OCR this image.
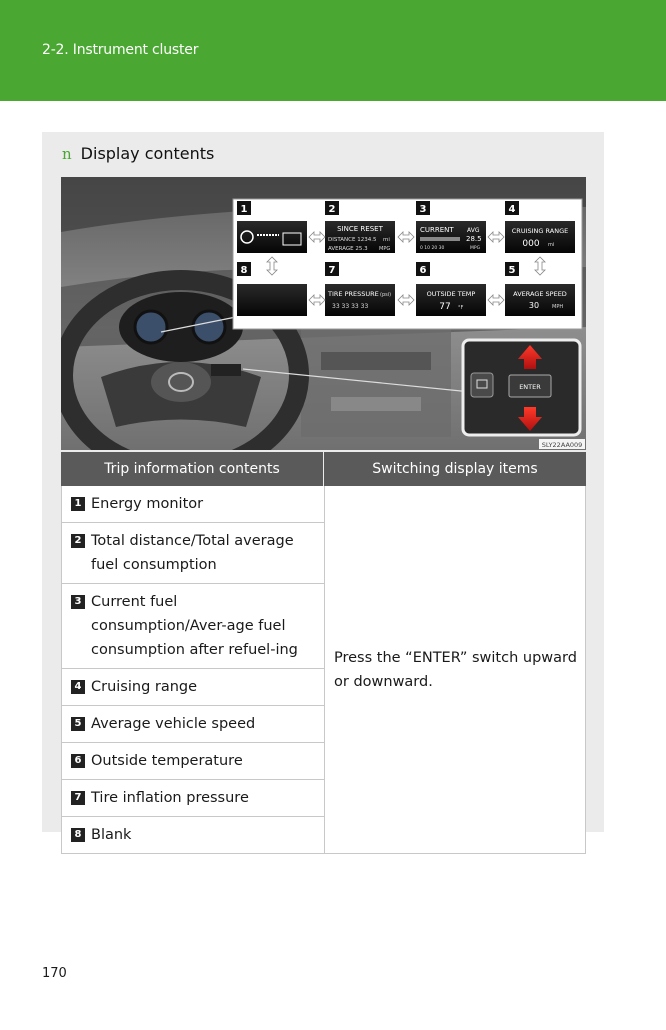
2-2. Instrument cluster
n Display contents
1	2
SINCE RESET
DISTANCE 1234.5 mi
AVERAGE 25.3 MPG
3
CURRENT AVG
28.5
MPG
0 10 20 30
4
CRUISING RANGE
000 mi
8	7
TIRE PRESSURE (psi)
33 33 33 33
6
OUTSIDE TEMP
77 °F
5
AVERAGE SPEED
30	MPH
ENTER
SLY22AA009
Trip information contents	Switching display items
1 Energy monitor
2 Total distance/Total average fuel consumption
3 Current fuel consumption/Aver-age fuel consumption after refuel-ing
4 Cruising range
5 Average vehicle speed
6 Outside temperature
7 Tire inflation pressure
8 Blank
Press the “ENTER” switch upward or downward.
170
